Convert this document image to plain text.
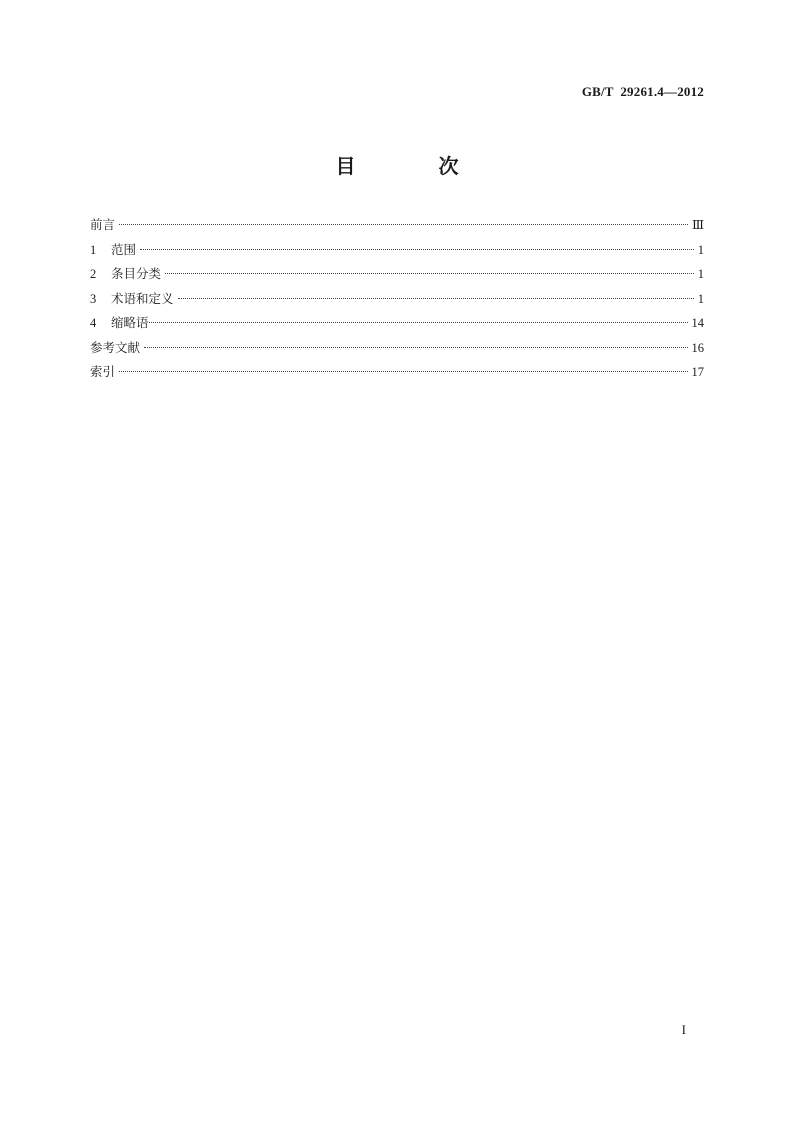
GB/T  29261.4—2012
目 次
前言	Ⅲ
1	范围	1
2	条目分类	1
3	术语和定义	1
4	缩略语	14
参考文献	16
索引	17
I
